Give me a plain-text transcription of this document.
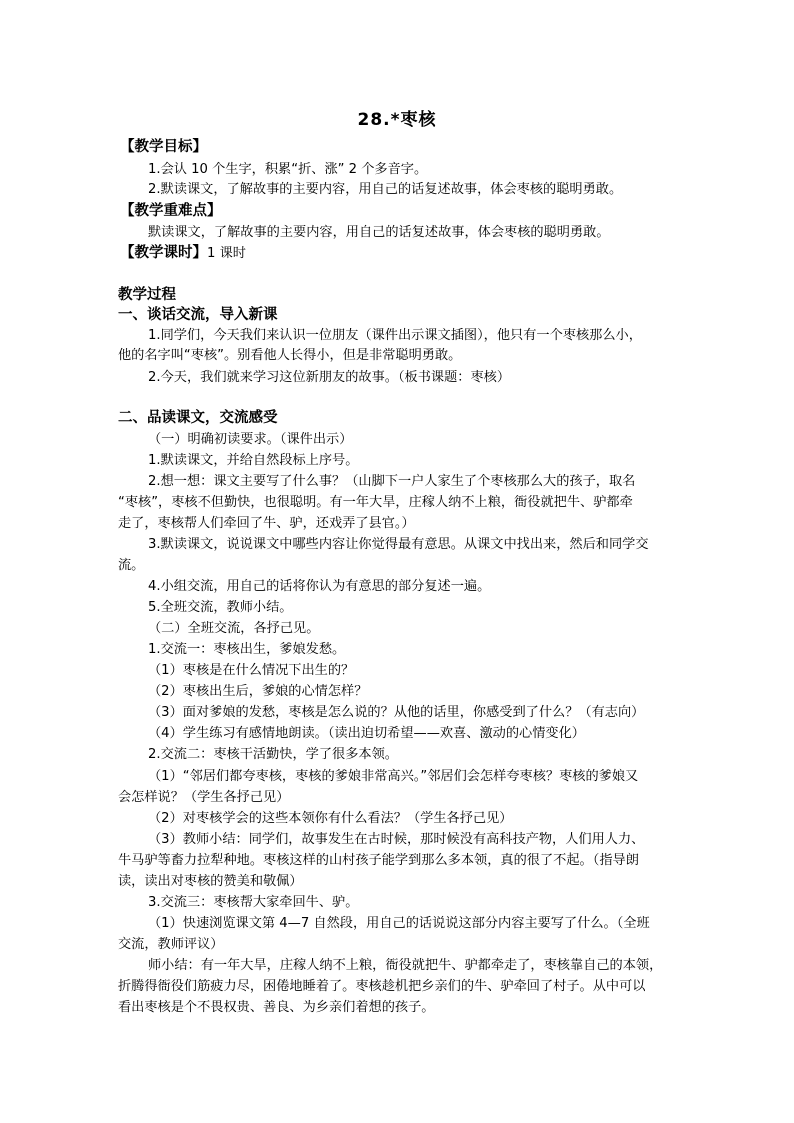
28.*枣核
【教学目标】
1.会认 10 个生字，积累“折、涨” 2 个多音字。
2.默读课文，了解故事的主要内容，用自己的话复述故事，体会枣核的聪明勇敢。
【教学重难点】
默读课文，了解故事的主要内容，用自己的话复述故事，体会枣核的聪明勇敢。
【教学课时】1 课时
教学过程
一、谈话交流，导入新课
1.同学们，今天我们来认识一位朋友（课件出示课文插图），他只有一个枣核那么小，
他的名字叫“枣核”。别看他人长得小，但是非常聪明勇敢。
2.今天，我们就来学习这位新朋友的故事。（板书课题：枣核）
二、品读课文，交流感受
（一）明确初读要求。（课件出示）
1.默读课文，并给自然段标上序号。
2.想一想：课文主要写了什么事？（山脚下一户人家生了个枣核那么大的孩子，取名
“枣核”，枣核不但勤快，也很聪明。有一年大旱，庄稼人纳不上粮，衙役就把牛、驴都牵
走了，枣核帮人们牵回了牛、驴，还戏弄了县官。）
3.默读课文，说说课文中哪些内容让你觉得最有意思。从课文中找出来，然后和同学交
流。
4.小组交流，用自己的话将你认为有意思的部分复述一遍。
5.全班交流，教师小结。
（二）全班交流，各抒己见。
1.交流一：枣核出生，爹娘发愁。
（1）枣核是在什么情况下出生的？
（2）枣核出生后，爹娘的心情怎样？
（3）面对爹娘的发愁，枣核是怎么说的？从他的话里，你感受到了什么？（有志向）
（4）学生练习有感情地朗读。（读出迫切希望——欢喜、激动的心情变化）
2.交流二：枣核干活勤快，学了很多本领。
（1）“邻居们都夸枣核，枣核的爹娘非常高兴。”邻居们会怎样夸枣核？枣核的爹娘又
会怎样说？（学生各抒己见）
（2）对枣核学会的这些本领你有什么看法？（学生各抒己见）
（3）教师小结：同学们，故事发生在古时候，那时候没有高科技产物，人们用人力、
牛马驴等畜力拉犁种地。枣核这样的山村孩子能学到那么多本领，真的很了不起。（指导朗
读，读出对枣核的赞美和敬佩）
3.交流三：枣核帮大家牵回牛、驴。
（1）快速浏览课文第 4—7 自然段，用自己的话说说这部分内容主要写了什么。（全班
交流，教师评议）
师小结：有一年大旱，庄稼人纳不上粮，衙役就把牛、驴都牵走了，枣核靠自己的本领，
折腾得衙役们筋疲力尽，困倦地睡着了。枣核趁机把乡亲们的牛、驴牵回了村子。从中可以
看出枣核是个不畏权贵、善良、为乡亲们着想的孩子。
